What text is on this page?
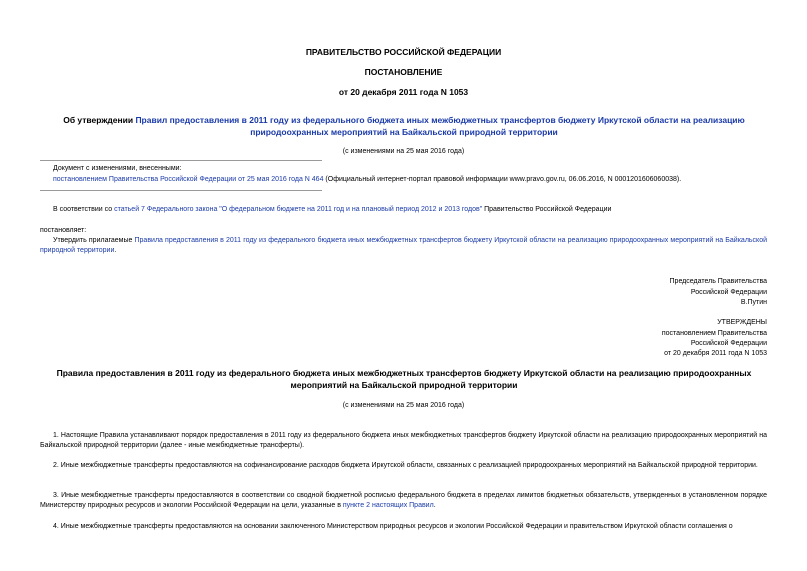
ПРАВИТЕЛЬСТВО РОССИЙСКОЙ ФЕДЕРАЦИИ
ПОСТАНОВЛЕНИЕ
от 20 декабря 2011 года N 1053
Об утверждении Правил предоставления в 2011 году из федерального бюджета иных межбюджетных трансфертов бюджету Иркутской области на реализацию природоохранных мероприятий на Байкальской природной территории
(с изменениями на 25 мая 2016 года)
Документ с изменениями, внесенными:
постановлением Правительства Российской Федерации от 25 мая 2016 года N 464 (Официальный интернет-портал правовой информации www.pravo.gov.ru, 06.06.2016, N 0001201606060038).
В соответствии со статьей 7 Федерального закона "О федеральном бюджете на 2011 год и на плановый период 2012 и 2013 годов" Правительство Российской Федерации
постановляет:
Утвердить прилагаемые Правила предоставления в 2011 году из федерального бюджета иных межбюджетных трансфертов бюджету Иркутской области на реализацию природоохранных мероприятий на Байкальской природной территории.
Председатель Правительства
Российской Федерации
В.Путин
УТВЕРЖДЕНЫ
постановлением Правительства
Российской Федерации
от 20 декабря 2011 года N 1053
Правила предоставления в 2011 году из федерального бюджета иных межбюджетных трансфертов бюджету Иркутской области на реализацию природоохранных мероприятий на Байкальской природной территории
(с изменениями на 25 мая 2016 года)
1. Настоящие Правила устанавливают порядок предоставления в 2011 году из федерального бюджета иных межбюджетных трансфертов бюджету Иркутской области на реализацию природоохранных мероприятий на Байкальской природной территории (далее - иные межбюджетные трансферты).
2. Иные межбюджетные трансферты предоставляются на софинансирование расходов бюджета Иркутской области, связанных с реализацией природоохранных мероприятий на Байкальской природной территории.
3. Иные межбюджетные трансферты предоставляются в соответствии со сводной бюджетной росписью федерального бюджета в пределах лимитов бюджетных обязательств, утвержденных в установленном порядке Министерству природных ресурсов и экологии Российской Федерации на цели, указанные в пункте 2 настоящих Правил.
4. Иные межбюджетные трансферты предоставляются на основании заключенного Министерством природных ресурсов и экологии Российской Федерации и правительством Иркутской области соглашения о
